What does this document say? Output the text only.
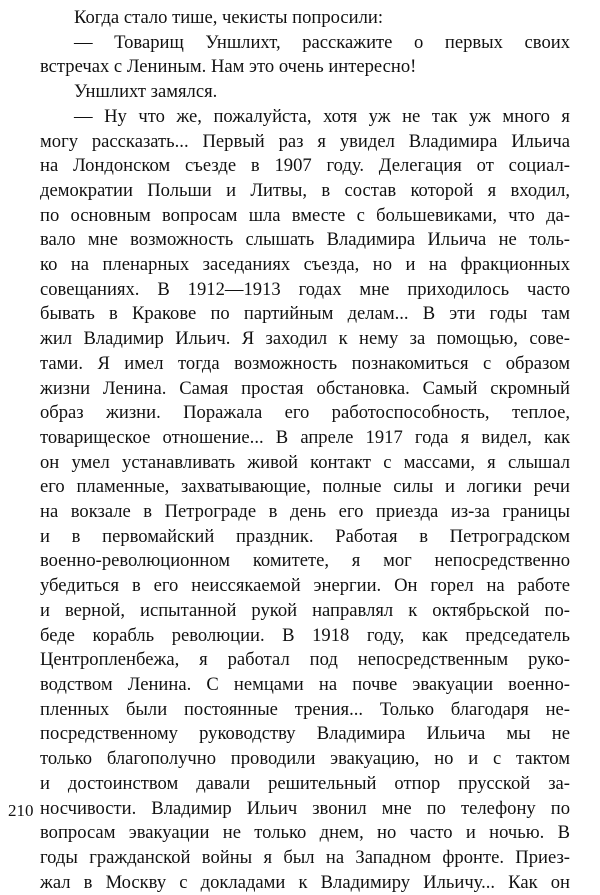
Когда стало тише, чекисты попросили:

— Товарищ Уншлихт, расскажите о первых своих
встречах с Лениным. Нам это очень интересно!

Уншлихт замялся.

— Ну что же, пожалуйста, хотя уж не так уж много я
могу рассказать... Первый раз я увидел Владимира Ильича
на Лондонском съезде в 1907 году. Делегация от социал-
демократии Польши и Литвы, в состав которой я входил,
по основным вопросам шла вместе с большевиками, что да-
вало мне возможность слышать Владимира Ильича не толь-
ко на пленарных заседаниях съезда, но и на фракционных
совещаниях. В 1912—1913 годах мне приходилось часто
бывать в Кракове по партийным делам... В эти годы там
жил Владимир Ильич. Я заходил к нему за помощью, сове-
тами. Я имел тогда возможность познакомиться с образом
жизни Ленина. Самая простая обстановка. Самый скромный
образ жизни. Поражала его работоспособность, теплое,
товарищеское отношение... В апреле 1917 года я видел, как
он умел устанавливать живой контакт с массами, я слышал
его пламенные, захватывающие, полные силы и логики речи
на вокзале в Петрограде в день его приезда из-за границы
и в первомайский праздник. Работая в Петроградском
военно-революционном комитете, я мог непосредственно
убедиться в его неиссякаемой энергии. Он горел на работе
и верной, испытанной рукой направлял к октябрьской по-
беде корабль революции. В 1918 году, как председатель
Центропленбежа, я работал под непосредственным руко-
водством Ленина. С немцами на почве эвакуации военно-
пленных были постоянные трения... Только благодаря не-
посредственному руководству Владимира Ильича мы не
только благополучно проводили эвакуацию, но и с тактом
и достоинством давали решительный отпор прусской за-
носчивости. Владимир Ильич звонил мне по телефону по
вопросам эвакуации не только днем, но часто и ночью. В
годы гражданской войны я был на Западном фронте. Приез-
жал в Москву с докладами к Владимиру Ильичу... Как он

210
